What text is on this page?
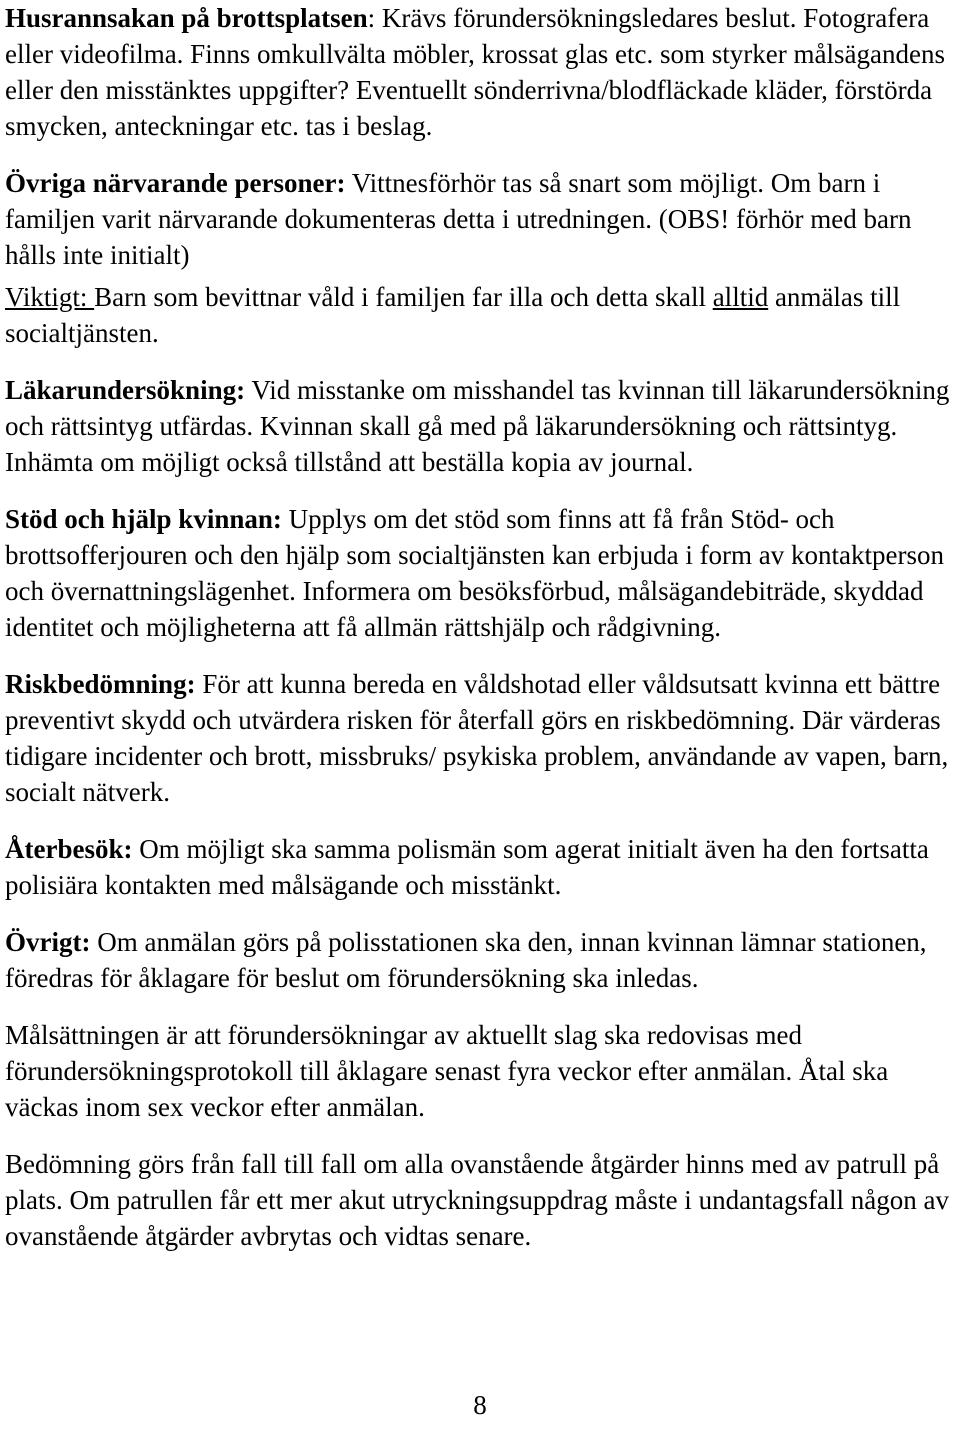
Husrannsakan på brottsplatsen: Krävs förundersökningsledares beslut. Fotografera eller videofilma. Finns omkullvälta möbler, krossat glas etc. som styrker målsägandens eller den misstänktes uppgifter? Eventuellt sönderrivna/blodfläckade kläder, förstörda smycken, anteckningar etc. tas i beslag.

Övriga närvarande personer: Vittnesförhör tas så snart som möjligt. Om barn i familjen varit närvarande dokumenteras detta i utredningen. (OBS! förhör med barn hålls inte initialt)

Viktigt: Barn som bevittnar våld i familjen far illa och detta skall alltid anmälas till socialtjänsten.

Läkarundersökning: Vid misstanke om misshandel tas kvinnan till läkarundersökning och rättsintyg utfärdas. Kvinnan skall gå med på läkarundersökning och rättsintyg. Inhämta om möjligt också tillstånd att beställa kopia av journal.

Stöd och hjälp kvinnan: Upplys om det stöd som finns att få från Stöd- och brottsofferjouren och den hjälp som socialtjänsten kan erbjuda i form av kontaktperson och övernattningslägenhet. Informera om besöksförbud, målsägandebiträde, skyddad identitet och möjligheterna att få allmän rättshjälp och rådgivning.

Riskbedömning: För att kunna bereda en våldshotad eller våldsutsatt kvinna ett bättre preventivt skydd och utvärdera risken för återfall görs en riskbedömning. Där värderas tidigare incidenter och brott, missbruks/ psykiska problem, användande av vapen, barn, socialt nätverk.

Återbesök: Om möjligt ska samma polismän som agerat initialt även ha den fortsatta polisiära kontakten med målsägande och misstänkt.

Övrigt: Om anmälan görs på polisstationen ska den, innan kvinnan lämnar stationen, föredras för åklagare för beslut om förundersökning ska inledas.

Målsättningen är att förundersökningar av aktuellt slag ska redovisas med förundersökningsprotokoll till åklagare senast fyra veckor efter anmälan. Åtal ska väckas inom sex veckor efter anmälan.

Bedömning görs från fall till fall om alla ovanstående åtgärder hinns med av patrull på plats. Om patrullen får ett mer akut utryckningsuppdrag måste i undantagsfall någon av ovanstående åtgärder avbrytas och vidtas senare.

8
